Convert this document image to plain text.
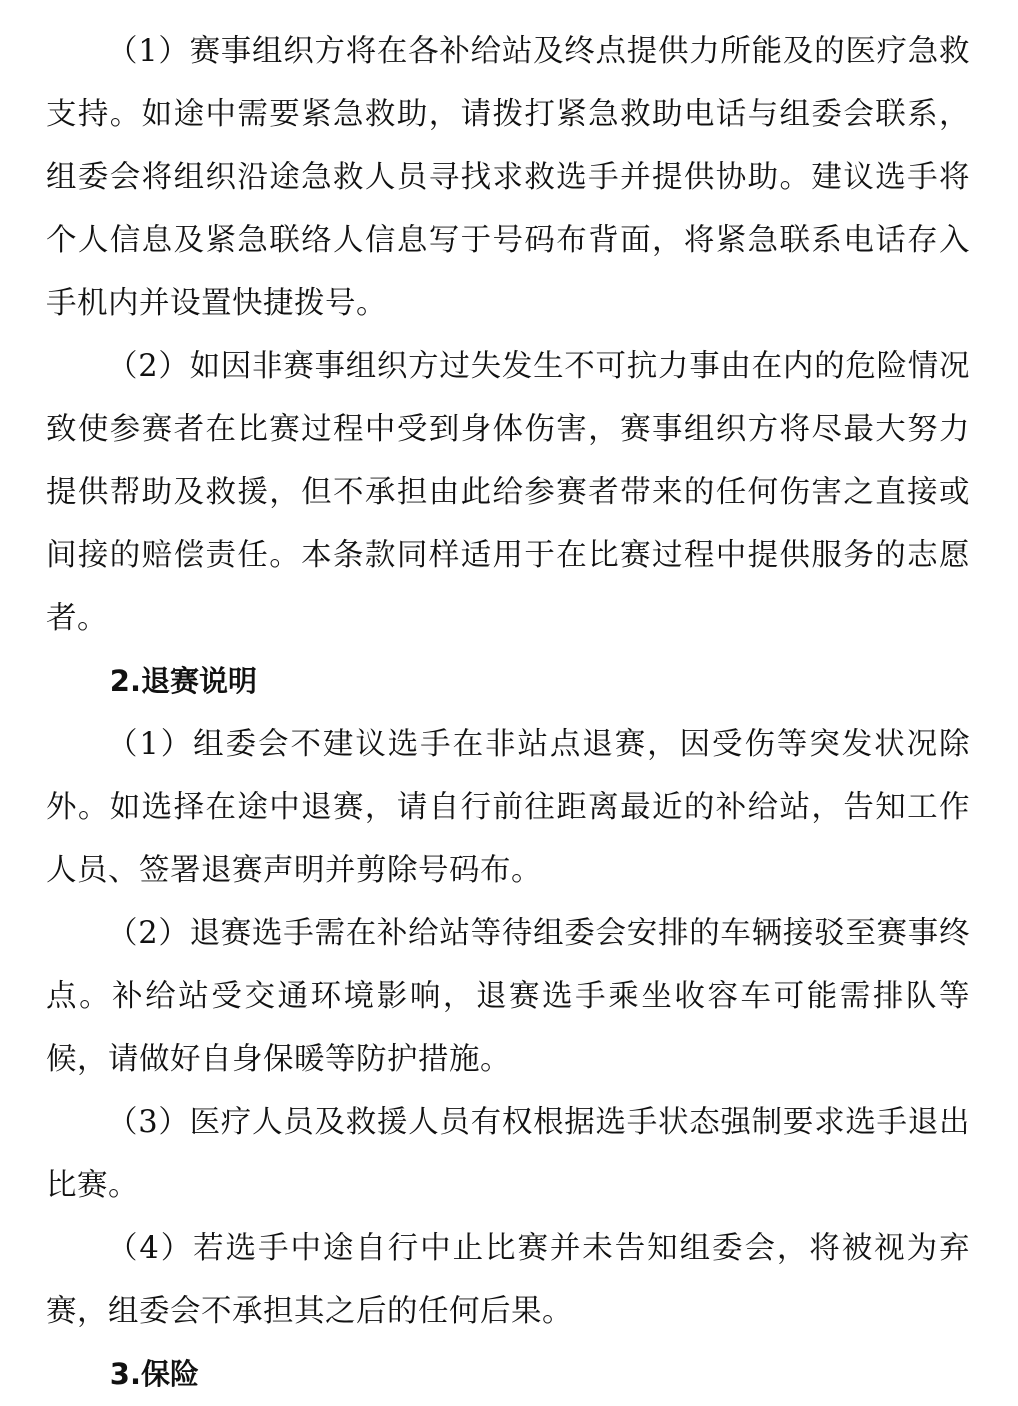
（1）赛事组织方将在各补给站及终点提供力所能及的医疗急救支持。如途中需要紧急救助，请拨打紧急救助电话与组委会联系，组委会将组织沿途急救人员寻找求救选手并提供协助。建议选手将个人信息及紧急联络人信息写于号码布背面，将紧急联系电话存入手机内并设置快捷拨号。

（2）如因非赛事组织方过失发生不可抗力事由在内的危险情况致使参赛者在比赛过程中受到身体伤害，赛事组织方将尽最大努力提供帮助及救援，但不承担由此给参赛者带来的任何伤害之直接或间接的赔偿责任。本条款同样适用于在比赛过程中提供服务的志愿者。

2.退赛说明

（1）组委会不建议选手在非站点退赛，因受伤等突发状况除外。如选择在途中退赛，请自行前往距离最近的补给站，告知工作人员、签署退赛声明并剪除号码布。

（2）退赛选手需在补给站等待组委会安排的车辆接驳至赛事终点。补给站受交通环境影响，退赛选手乘坐收容车可能需排队等候，请做好自身保暖等防护措施。

（3）医疗人员及救援人员有权根据选手状态强制要求选手退出比赛。

（4）若选手中途自行中止比赛并未告知组委会，将被视为弃赛，组委会不承担其之后的任何后果。

3.保险
